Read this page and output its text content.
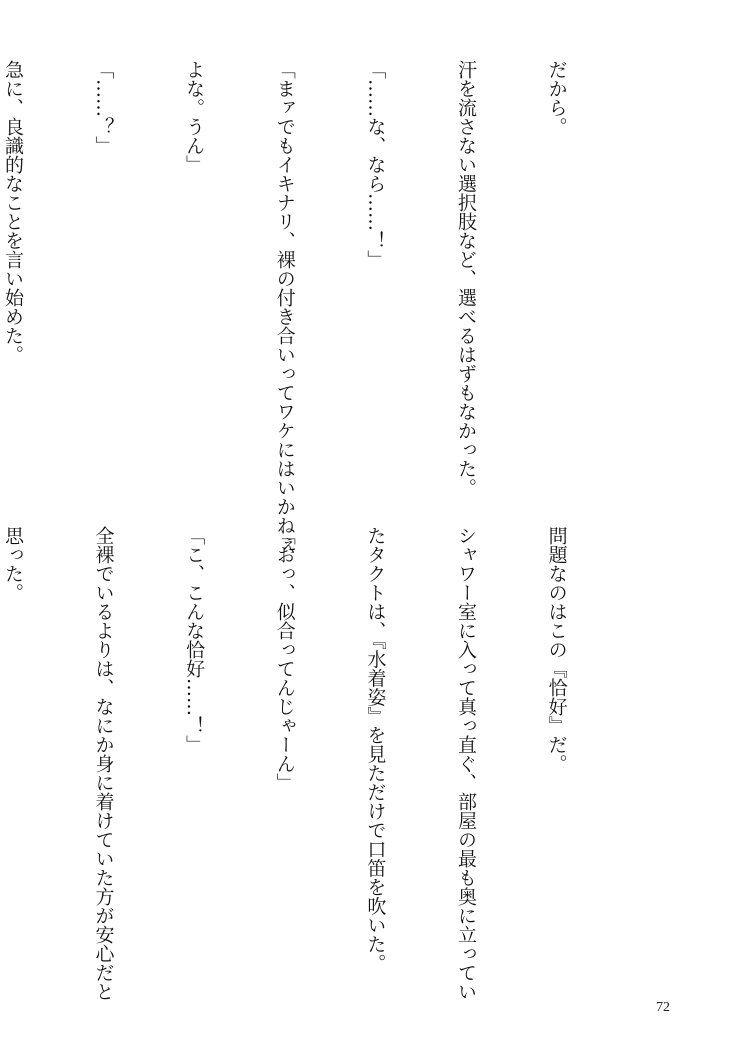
だから。

汗を流さない選択肢など、選べるはずもなかった。

「……な、なら……！」

「まァでもイキナリ、裸の付き合いってワケにはいかねぇ

よな。うん」

「……？」

急に、良識的なことを言い始めた。

問題なのはこの『恰好』だ。

シャワー室に入って真っ直ぐ、部屋の最も奥に立ってい

たタクトは、『水着姿』を見ただけで口笛を吹いた。

「おっ、似合ってんじゃーん」

「こ、こんな恰好……！」

全裸でいるよりは、なにか身に着けていた方が安心だと

思った。

72
